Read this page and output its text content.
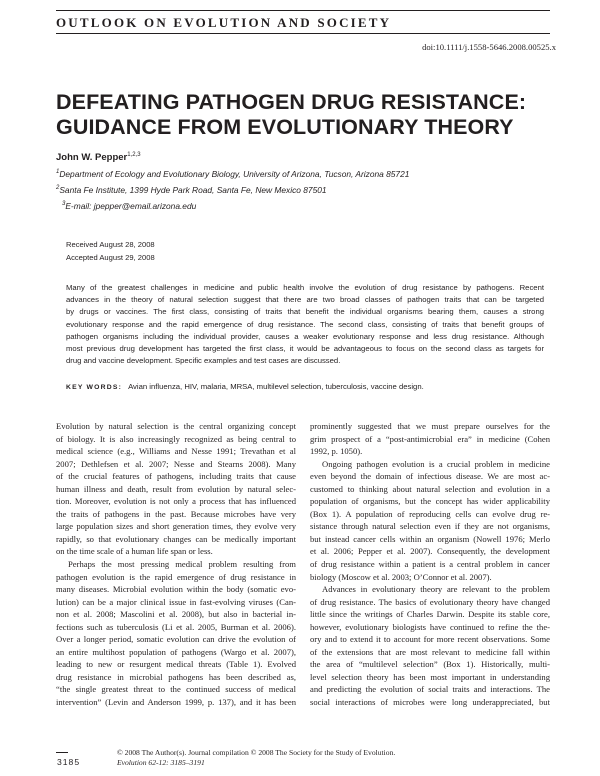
OUTLOOK ON EVOLUTION AND SOCIETY
doi:10.1111/j.1558-5646.2008.00525.x
DEFEATING PATHOGEN DRUG RESISTANCE:
GUIDANCE FROM EVOLUTIONARY THEORY
John W. Pepper$^{1,2,3}$
$^1$Department of Ecology and Evolutionary Biology, University of Arizona, Tucson, Arizona 85721
$^2$Santa Fe Institute, 1399 Hyde Park Road, Santa Fe, New Mexico 87501
$^3$E-mail: jpepper@email.arizona.edu
Received August 28, 2008
Accepted August 29, 2008
Many of the greatest challenges in medicine and public health involve the evolution of drug resistance by pathogens. Recent
advances in the theory of natural selection suggest that there are two broad classes of pathogen traits that can be targeted
by drugs or vaccines. The first class, consisting of traits that benefit the individual organisms bearing them, causes a strong
evolutionary response and the rapid emergence of drug resistance. The second class, consisting of traits that benefit groups of
pathogen organisms including the individual provider, causes a weaker evolutionary response and less drug resistance. Although
most previous drug development has targeted the first class, it would be advantageous to focus on the second class as targets for
drug and vaccine development. Specific examples and test cases are discussed.
KEY WORDS: Avian influenza, HIV, malaria, MRSA, multilevel selection, tuberculosis, vaccine design.
Evolution by natural selection is the central organizing concept
of biology. It is also increasingly recognized as being central to
medical science (e.g., Williams and Nesse 1991; Trevathan et al
2007; Dethlefsen et al. 2007; Nesse and Stearns 2008). Many
of the crucial features of pathogens, including traits that cause
human illness and death, result from evolution by natural selec-
tion. Moreover, evolution is not only a process that has influenced
the traits of pathogens in the past. Because microbes have very
large population sizes and short generation times, they evolve very
rapidly, so that evolutionary changes can be medically important
on the time scale of a human life span or less.
Perhaps the most pressing medical problem resulting from
pathogen evolution is the rapid emergence of drug resistance in
many diseases. Microbial evolution within the body (somatic evo-
lution) can be a major clinical issue in fast-evolving viruses (Can-
non et al. 2008; Mascolini et al. 2008), but also in bacterial in-
fections such as tuberculosis (Li et al. 2005, Burman et al. 2006).
Over a longer period, somatic evolution can drive the evolution of
an entire multihost population of pathogens (Wargo et al. 2007),
leading to new or resurgent medical threats (Table 1). Evolved
drug resistance in microbial pathogens has been described as,
“the single greatest threat to the continued success of medical
intervention” (Levin and Anderson 1999, p. 137), and it has been
prominently suggested that we must prepare ourselves for the
grim prospect of a “post-antimicrobial era” in medicine (Cohen
1992, p. 1050).
Ongoing pathogen evolution is a crucial problem in medicine
even beyond the domain of infectious disease. We are most ac-
customed to thinking about natural selection and evolution in a
population of organisms, but the concept has wider applicability
(Box 1). A population of reproducing cells can evolve drug re-
sistance through natural selection even if they are not organisms,
but instead cancer cells within an organism (Nowell 1976; Merlo
et al. 2006; Pepper et al. 2007). Consequently, the development
of drug resistance within a patient is a central problem in cancer
biology (Moscow et al. 2003; O’Connor et al. 2007).
Advances in evolutionary theory are relevant to the problem
of drug resistance. The basics of evolutionary theory have changed
little since the writings of Charles Darwin. Despite its stable core,
however, evolutionary biologists have continued to refine the the-
ory and to extend it to account for more recent observations. Some
of the extensions that are most relevant to medicine fall within
the area of “multilevel selection” (Box 1). Historically, multi-
level selection theory has been most important in understanding
and predicting the evolution of social traits and interactions. The
social interactions of microbes were long underappreciated, but
3185
© 2008 The Author(s). Journal compilation © 2008 The Society for the Study of Evolution.
Evolution 62-12: 3185–3191
